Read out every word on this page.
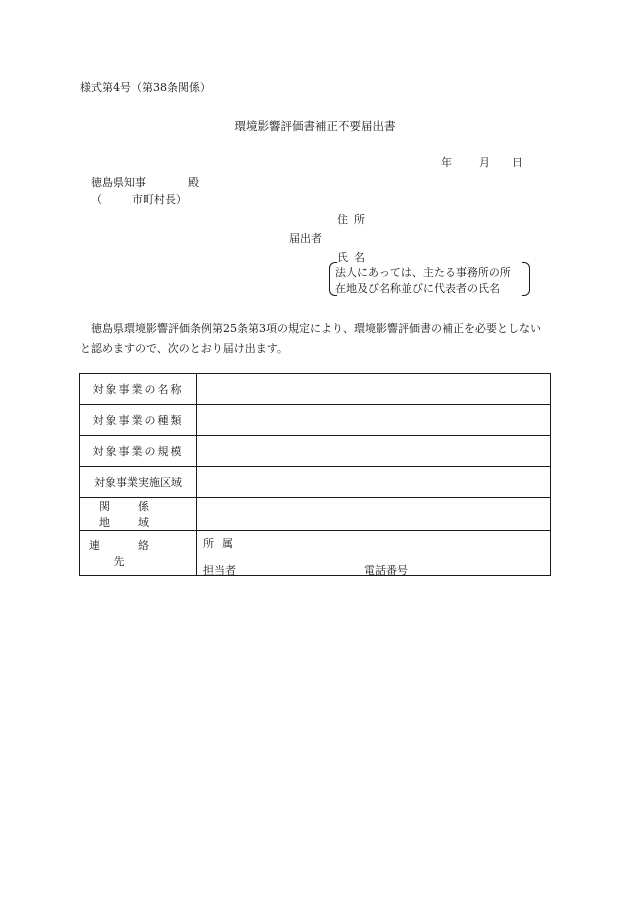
様式第4号（第38条関係）
環境影響評価書補正不要届出書
年 月 日
徳島県知事	殿
（	市町村長）
住所
届出者
氏名
法人にあっては、主たる事務所の所
在地及び名称並びに代表者の氏名
徳島県環境影響評価条例第25条第3項の規定により、環境影響評価書の補正を必要としないと認めますので、次のとおり届け出ます。
対象事業の名称	
対象事業の種類	
対象事業の規模	
対象事業実施区域	
関係地域	
連絡先	所属
担当者 電話番号
